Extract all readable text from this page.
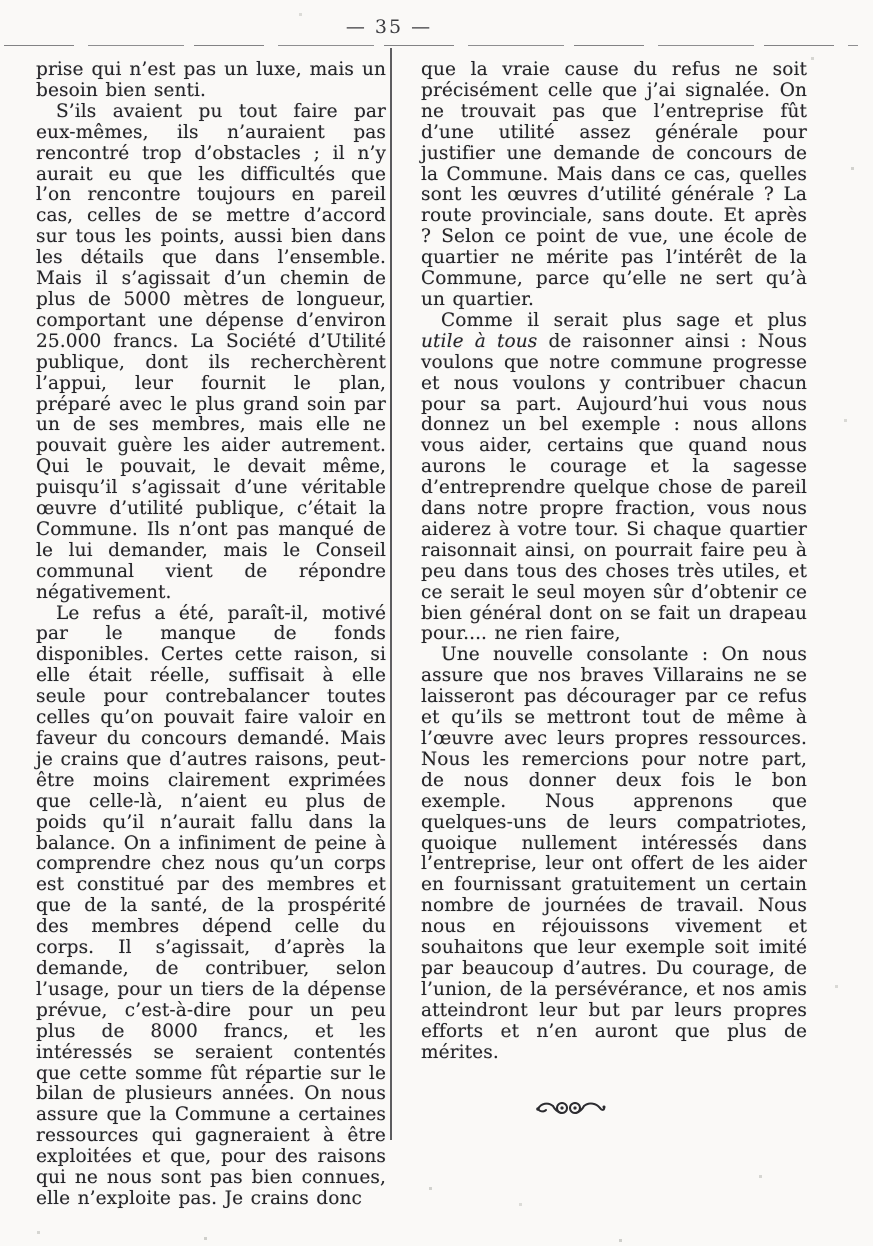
— 35 —

prise qui n’est pas un luxe, mais un besoin bien senti.

S’ils avaient pu tout faire par eux-mêmes, ils n’auraient pas rencontré trop d’obstacles ; il n’y aurait eu que les difficultés que l’on rencontre toujours en pareil cas, celles de se mettre d’accord sur tous les points, aussi bien dans les détails que dans l’ensemble. Mais il s’agissait d’un chemin de plus de 5000 mètres de longueur, comportant une dépense d’environ 25.000 francs. La Société d’Utilité publique, dont ils recherchèrent l’appui, leur fournit le plan, préparé avec le plus grand soin par un de ses membres, mais elle ne pouvait guère les aider autrement. Qui le pouvait, le devait même, puisqu’il s’agissait d’une véritable œuvre d’utilité publique, c’était la Commune. Ils n’ont pas manqué de le lui demander, mais le Conseil communal vient de répondre négativement.

Le refus a été, paraît-il, motivé par le manque de fonds disponibles. Certes cette raison, si elle était réelle, suffisait à elle seule pour contrebalancer toutes celles qu’on pouvait faire valoir en faveur du concours demandé. Mais je crains que d’autres raisons, peut-être moins clairement exprimées que celle-là, n’aient eu plus de poids qu’il n’aurait fallu dans la balance. On a infiniment de peine à comprendre chez nous qu’un corps est constitué par des membres et que de la santé, de la prospérité des membres dépend celle du corps. Il s’agissait, d’après la demande, de contribuer, selon l’usage, pour un tiers de la dépense prévue, c’est-à-dire pour un peu plus de 8000 francs, et les intéressés se seraient contentés que cette somme fût répartie sur le bilan de plusieurs années. On nous assure que la Commune a certaines ressources qui gagneraient à être exploitées et que, pour des raisons qui ne nous sont pas bien connues, elle n’exploite pas. Je crains donc

que la vraie cause du refus ne soit précisément celle que j’ai signalée. On ne trouvait pas que l’entreprise fût d’une utilité assez générale pour justifier une demande de concours de la Commune. Mais dans ce cas, quelles sont les œuvres d’utilité générale ? La route provinciale, sans doute. Et après ? Selon ce point de vue, une école de quartier ne mérite pas l’intérêt de la Commune, parce qu’elle ne sert qu’à un quartier.

Comme il serait plus sage et plus utile à tous de raisonner ainsi : Nous voulons que notre commune progresse et nous voulons y contribuer chacun pour sa part. Aujourd’hui vous nous donnez un bel exemple : nous allons vous aider, certains que quand nous aurons le courage et la sagesse d’entreprendre quelque chose de pareil dans notre propre fraction, vous nous aiderez à votre tour. Si chaque quartier raisonnait ainsi, on pourrait faire peu à peu dans tous des choses très utiles, et ce serait le seul moyen sûr d’obtenir ce bien général dont on se fait un drapeau pour.... ne rien faire,

Une nouvelle consolante : On nous assure que nos braves Villarains ne se laisseront pas décourager par ce refus et qu’ils se mettront tout de même à l’œuvre avec leurs propres ressources. Nous les remercions pour notre part, de nous donner deux fois le bon exemple. Nous apprenons que quelques-uns de leurs compatriotes, quoique nullement intéressés dans l’entreprise, leur ont offert de les aider en fournissant gratuitement un certain nombre de journées de travail. Nous nous en réjouissons vivement et souhaitons que leur exemple soit imité par beaucoup d’autres. Du courage, de l’union, de la persévérance, et nos amis atteindront leur but par leurs propres efforts et n’en auront que plus de mérites.
